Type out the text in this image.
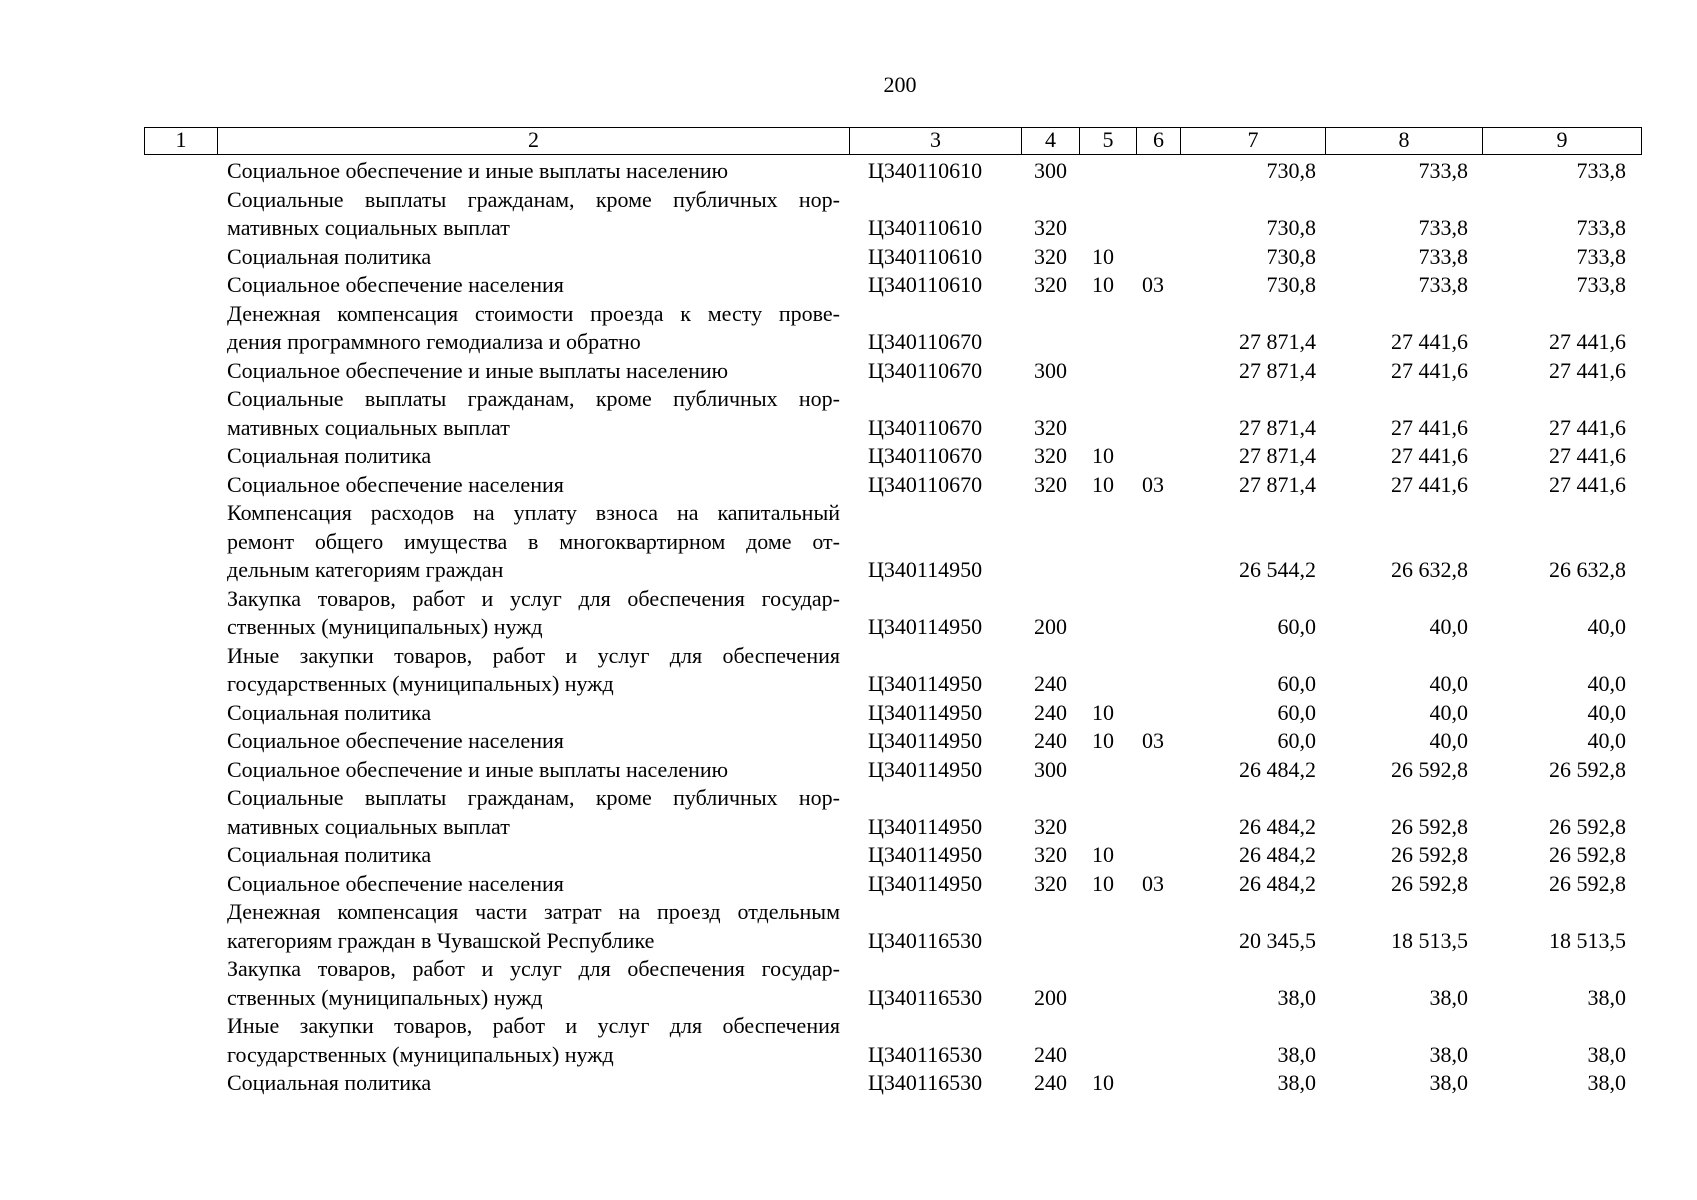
200
1	2	3	4	5	6	7	8	9
Социальное обеспечение и иные выплаты населению	Ц340110610 300	730,8	733,8	733,8
Социальные выплаты гражданам, кроме публичных нор-
мативных социальных выплат	Ц340110610 320	730,8	733,8	733,8
Социальная политика	Ц340110610 320 10	730,8	733,8	733,8
Социальное обеспечение населения	Ц340110610 320 10 03	730,8	733,8	733,8
Денежная компенсация стоимости проезда к месту прове-
дения программного гемодиализа и обратно	Ц340110670	27 871,4	27 441,6	27 441,6
Социальное обеспечение и иные выплаты населению	Ц340110670 300	27 871,4	27 441,6	27 441,6
Социальные выплаты гражданам, кроме публичных нор-
мативных социальных выплат	Ц340110670 320	27 871,4	27 441,6	27 441,6
Социальная политика	Ц340110670 320 10	27 871,4	27 441,6	27 441,6
Социальное обеспечение населения	Ц340110670 320 10 03	27 871,4	27 441,6	27 441,6
Компенсация расходов на уплату взноса на капитальный
ремонт общего имущества в многоквартирном доме от-
дельным категориям граждан	Ц340114950	26 544,2	26 632,8	26 632,8
Закупка товаров, работ и услуг для обеспечения государ-
ственных (муниципальных) нужд	Ц340114950 200	60,0	40,0	40,0
Иные закупки товаров, работ и услуг для обеспечения
государственных (муниципальных) нужд	Ц340114950 240	60,0	40,0	40,0
Социальная политика	Ц340114950 240 10	60,0	40,0	40,0
Социальное обеспечение населения	Ц340114950 240 10 03	60,0	40,0	40,0
Социальное обеспечение и иные выплаты населению	Ц340114950 300	26 484,2	26 592,8	26 592,8
Социальные выплаты гражданам, кроме публичных нор-
мативных социальных выплат	Ц340114950 320	26 484,2	26 592,8	26 592,8
Социальная политика	Ц340114950 320 10	26 484,2	26 592,8	26 592,8
Социальное обеспечение населения	Ц340114950 320 10 03	26 484,2	26 592,8	26 592,8
Денежная компенсация части затрат на проезд отдельным
категориям граждан в Чувашской Республике	Ц340116530	20 345,5	18 513,5	18 513,5
Закупка товаров, работ и услуг для обеспечения государ-
ственных (муниципальных) нужд	Ц340116530 200	38,0	38,0	38,0
Иные закупки товаров, работ и услуг для обеспечения
государственных (муниципальных) нужд	Ц340116530 240	38,0	38,0	38,0
Социальная политика	Ц340116530 240 10	38,0	38,0	38,0
